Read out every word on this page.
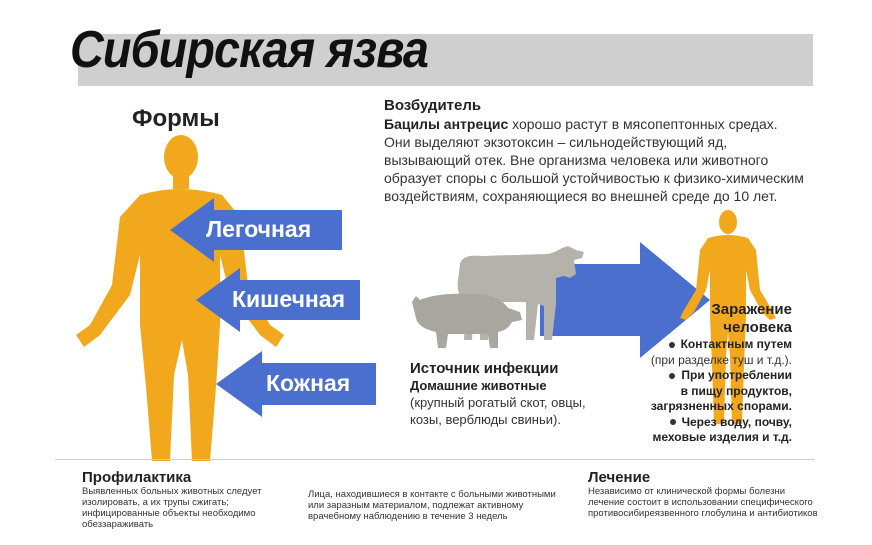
Сибирская язва
Формы
Легочная
Кишечная
Кожная
Возбудитель
Бацилы антрецис хорошо растут в мясопептонных средах. Они выделяют экзотоксин – сильнодействующий яд, вызывающий отек. Вне организма человека или животного образует споры с большой устойчивостью к физико-химическим воздействиям, сохраняющиеся во внешней среде до 10 лет.
Источник инфекции
Домашние животные
(крупный рогатый скот, овцы, козы, верблюды свиньи).
Заражение
человека
Контактным путем
(при разделке туш и т.д.).
При употреблении
в пищу продуктов,
загрязненных спорами.
Через воду, почву,
меховые изделия и т.д.
Профилактика
Выявленных больных животных следует изолировать, а их трупы сжигать; инфицированные объекты необходимо обеззараживать
Лица, находившиеся в контакте с больными животными или заразным материалом, подлежат активному врачебному наблюдению в течение 3 недель
Лечение
Независимо от клинической формы болезни лечение состоит в использовании специфического противосибиреязвенного глобулина и антибиотиков
